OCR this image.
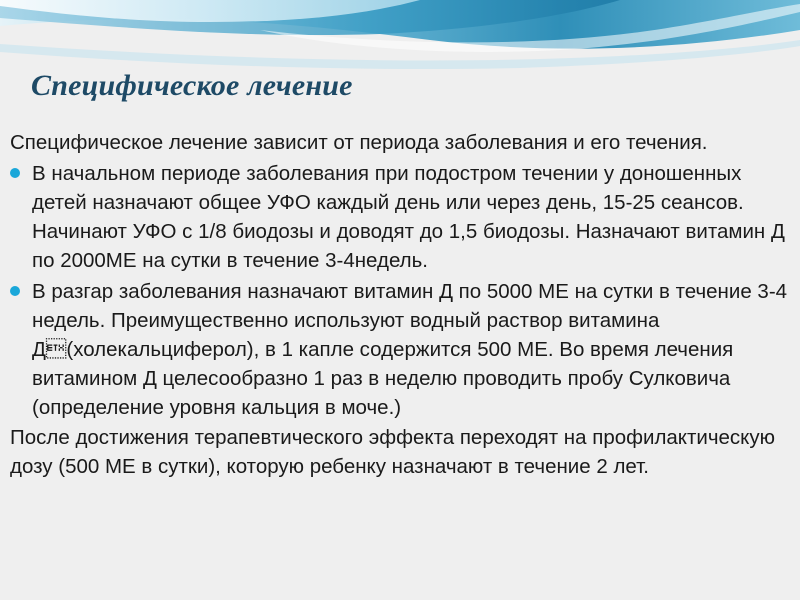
Специфическое лечение

Специфическое лечение зависит от периода заболевания и его течения.

В начальном периоде заболевания при подостром течении у доношенных детей назначают общее УФО каждый день или через день, 15-25 сеансов. Начинают УФО с 1/8 биодозы и доводят до 1,5 биодозы. Назначают витамин Д по 2000МЕ на сутки в течение 3-4недель.
В разгар заболевания назначают витамин Д по 5000 МЕ на сутки в течение 3-4 недель. Преимущественно используют водный раствор витамина Д(холекальциферол), в 1 капле содержится 500 МЕ. Во время лечения витамином Д целесообразно 1 раз в неделю проводить пробу Сулковича (определение уровня кальция в моче.)

После достижения терапевтического эффекта переходят на профилактическую дозу (500 МЕ в сутки), которую ребенку назначают в течение 2 лет.
